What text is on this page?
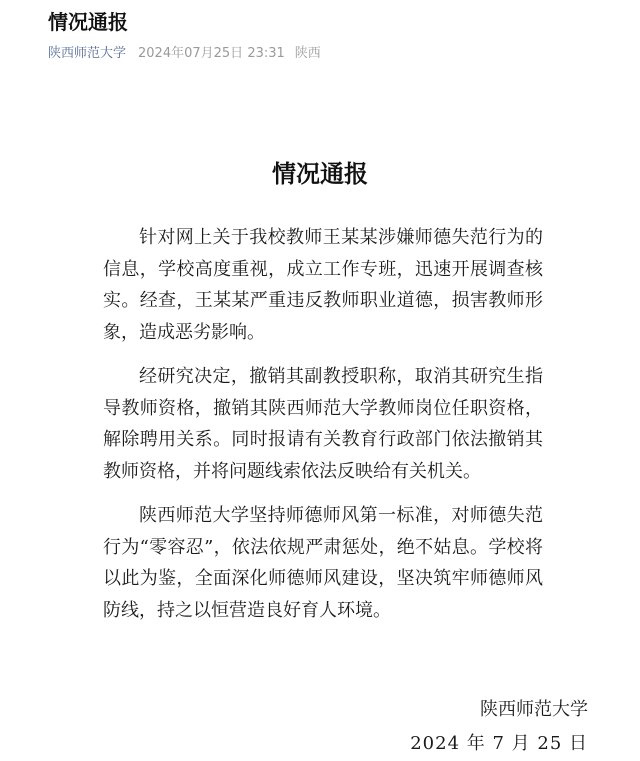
情况通报
陕西师范大学 2024年07月25日 23:31 陕西
情况通报

针对网上关于我校教师王某某涉嫌师德失范行为的信息，学校高度重视，成立工作专班，迅速开展调查核实。经查，王某某严重违反教师职业道德，损害教师形象，造成恶劣影响。

经研究决定，撤销其副教授职称，取消其研究生指导教师资格，撤销其陕西师范大学教师岗位任职资格，解除聘用关系。同时报请有关教育行政部门依法撤销其教师资格，并将问题线索依法反映给有关机关。

陕西师范大学坚持师德师风第一标准，对师德失范行为“零容忍”，依法依规严肃惩处，绝不姑息。学校将以此为鉴，全面深化师德师风建设，坚决筑牢师德师风防线，持之以恒营造良好育人环境。

陕西师范大学
2024 年 7 月 25 日
